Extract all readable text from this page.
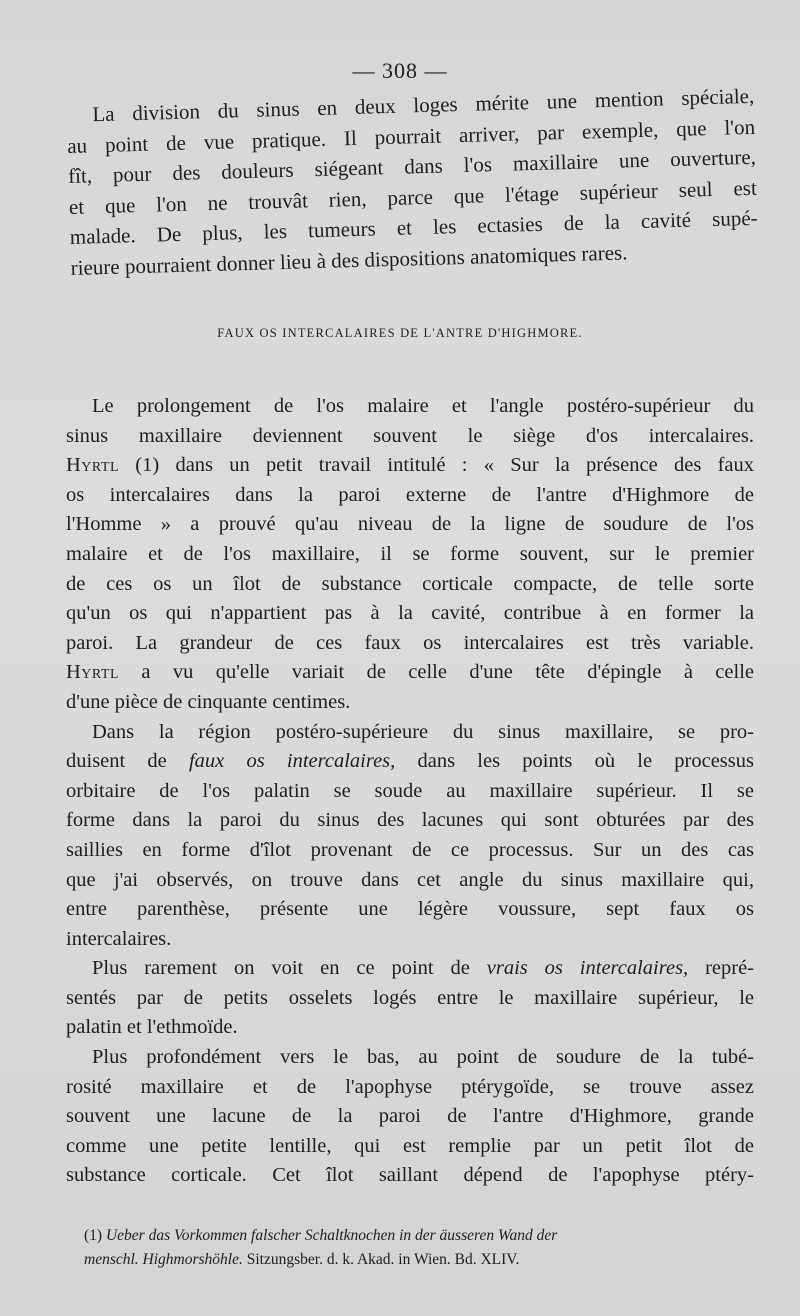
— 308 —
La division du sinus en deux loges mérite une mention spéciale,
au point de vue pratique. Il pourrait arriver, par exemple, que l'on
fît, pour des douleurs siégeant dans l'os maxillaire une ouverture,
et que l'on ne trouvât rien, parce que l'étage supérieur seul est
malade. De plus, les tumeurs et les ectasies de la cavité supé-
rieure pourraient donner lieu à des dispositions anatomiques rares.
FAUX OS INTERCALAIRES DE L'ANTRE D'HIGHMORE.
Le prolongement de l'os malaire et l'angle postéro-supérieur du
sinus maxillaire deviennent souvent le siège d'os intercalaires.
Hyrtl (1) dans un petit travail intitulé : « Sur la présence des faux
os intercalaires dans la paroi externe de l'antre d'Highmore de
l'Homme » a prouvé qu'au niveau de la ligne de soudure de l'os
malaire et de l'os maxillaire, il se forme souvent, sur le premier
de ces os un îlot de substance corticale compacte, de telle sorte
qu'un os qui n'appartient pas à la cavité, contribue à en former la
paroi. La grandeur de ces faux os intercalaires est très variable.
Hyrtl a vu qu'elle variait de celle d'une tête d'épingle à celle
d'une pièce de cinquante centimes.
Dans la région postéro-supérieure du sinus maxillaire, se pro-
duisent de faux os intercalaires, dans les points où le processus
orbitaire de l'os palatin se soude au maxillaire supérieur. Il se
forme dans la paroi du sinus des lacunes qui sont obturées par des
saillies en forme d'îlot provenant de ce processus. Sur un des cas
que j'ai observés, on trouve dans cet angle du sinus maxillaire qui,
entre parenthèse, présente une légère voussure, sept faux os
intercalaires.
Plus rarement on voit en ce point de vrais os intercalaires, repré-
sentés par de petits osselets logés entre le maxillaire supérieur, le
palatin et l'ethmoïde.
Plus profondément vers le bas, au point de soudure de la tubé-
rosité maxillaire et de l'apophyse ptérygoïde, se trouve assez
souvent une lacune de la paroi de l'antre d'Highmore, grande
comme une petite lentille, qui est remplie par un petit îlot de
substance corticale. Cet îlot saillant dépend de l'apophyse ptéry-
(1) Ueber das Vorkommen falscher Schaltknochen in der äusseren Wand der
menschl. Highmorshöhle. Sitzungsber. d. k. Akad. in Wien. Bd. XLIV.
